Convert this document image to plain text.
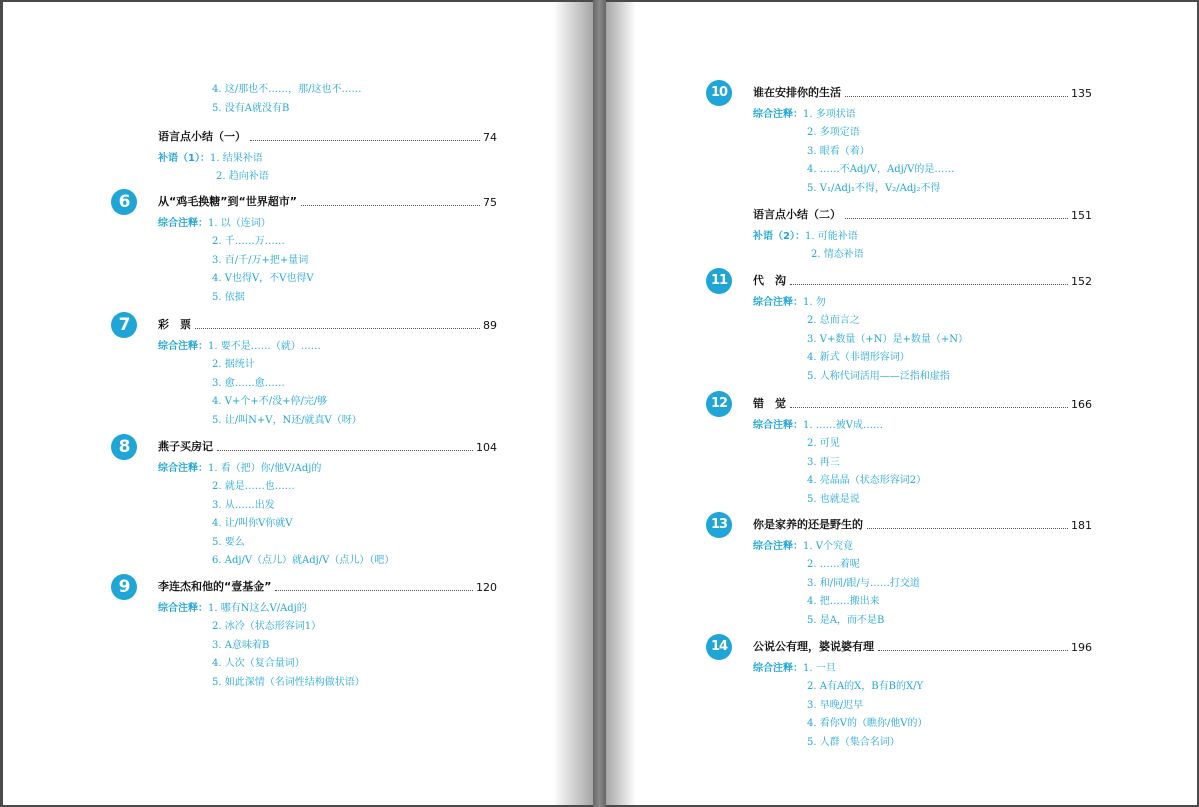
4. 这/那也不……，那/这也不……
5. 没有A就没有B
语言点小结（一）	74
补语（1）：1. 结果补语
2. 趋向补语
6	从“鸡毛换糖”到“世界超市”	75
综合注释：1. 以（连词）
2. 千……万……
3. 百/千/万+把+量词
4. V也得V，不V也得V
5. 依据
7	彩　票	89
综合注释：1. 要不是……（就）……
2. 据统计
3. 愈……愈……
4. V+个+不/没+停/完/够
5. 让/叫N+V，N还/就真V（呀）
8	燕子买房记	104
综合注释：1. 看（把）你/他V/Adj的
2. 就是……也……
3. 从……出发
4. 让/叫你V你就V
5. 要么
6. Adj/V（点儿）就Adj/V（点儿）（吧）
9	李连杰和他的“壹基金”	120
综合注释：1. 哪有N这么V/Adj的
2. 冰冷（状态形容词1）
3. A意味着B
4. 人次（复合量词）
5. 如此深情（名词性结构做状语）
10	谁在安排你的生活	135
综合注释：1. 多项状语
2. 多项定语
3. 眼看（着）
4. ……不Adj/V，Adj/V的是……
5. V₁/Adj₁不得，V₂/Adj₂不得
语言点小结（二）	151
补语（2）：1. 可能补语
2. 情态补语
11	代　沟	152
综合注释：1. 勿
2. 总而言之
3. V+数量（+N）是+数量（+N）
4. 新式（非谓形容词）
5. 人称代词活用——泛指和虚指
12	错　觉	166
综合注释：1. ……被V成……
2. 可见
3. 再三
4. 亮晶晶（状态形容词2）
5. 也就是说
13	你是家养的还是野生的	181
综合注释：1. V个究竟
2. ……着呢
3. 和/同/跟/与……打交道
4. 把……搬出来
5. 是A，而不是B
14	公说公有理，婆说婆有理	196
综合注释：1. 一旦
2. A有A的X，B有B的X/Y
3. 早晚/迟早
4. 看你V的（瞧你/他V的）
5. 人群（集合名词）
